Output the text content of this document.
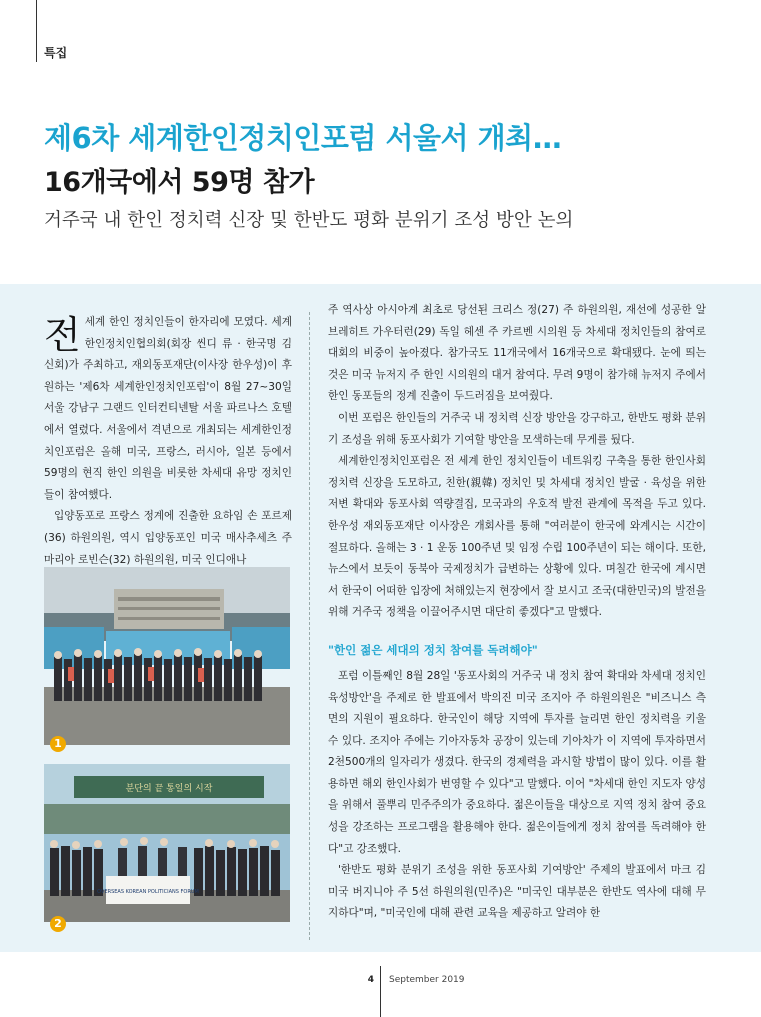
특집
제6차 세계한인정치인포럼 서울서 개최…
16개국에서 59명 참가
거주국 내 한인 정치력 신장 및 한반도 평화 분위기 조성 방안 논의

전세계 한인 정치인들이 한자리에 모였다. 세계한인정치인협의회(회장 씬디 류 · 한국명 김신회)가 주최하고, 재외동포재단(이사장 한우성)이 후원하는 '제6차 세계한인정치인포럼'이 8월 27~30일 서울 강남구 그랜드 인터컨티넨탈 서울 파르나스 호텔에서 열렸다. 서울에서 격년으로 개최되는 세계한인정치인포럼은 올해 미국, 프랑스, 러시아, 일본 등에서 59명의 현직 한인 의원을 비롯한 차세대 유망 정치인들이 참여했다.

입양동포로 프랑스 정계에 진출한 요하임 손 포르제(36) 하원의원, 역시 입양동포인 미국 매사추세츠 주 마리아 로빈슨(32) 하원의원, 미국 인디애나

1
분단의 끝 통일의 시작
OVERSEAS KOREAN POLITICIANS FORUM
2

주 역사상 아시아계 최초로 당선된 크리스 정(27) 주 하원의원, 재선에 성공한 알브레히트 가우터런(29) 독일 헤센 주 카르벤 시의원 등 차세대 정치인들의 참여로 대회의 비중이 높아졌다. 참가국도 11개국에서 16개국으로 확대됐다. 눈에 띄는 것은 미국 뉴저지 주 한인 시의원의 대거 참여다. 무려 9명이 참가해 뉴저지 주에서 한인 동포들의 정계 진출이 두드러짐을 보여줬다.

이번 포럼은 한인들의 거주국 내 정치력 신장 방안을 강구하고, 한반도 평화 분위기 조성을 위해 동포사회가 기여할 방안을 모색하는데 무게를 뒀다.

세계한인정치인포럼은 전 세계 한인 정치인들이 네트워킹 구축을 통한 한인사회 정치력 신장을 도모하고, 친한(親韓) 정치인 및 차세대 정치인 발굴 · 육성을 위한 저변 확대와 동포사회 역량결집, 모국과의 우호적 발전 관계에 목적을 두고 있다. 한우성 재외동포재단 이사장은 개회사를 통해 "여러분이 한국에 와계시는 시간이 절묘하다. 올해는 3 · 1 운동 100주년 및 임정 수립 100주년이 되는 해이다. 또한, 뉴스에서 보듯이 동북아 국제정치가 급변하는 상황에 있다. 며칠간 한국에 계시면서 한국이 어떠한 입장에 처해있는지 현장에서 잘 보시고 조국(대한민국)의 발전을 위해 거주국 정책을 이끌어주시면 대단히 좋겠다"고 말했다.

"한인 젊은 세대의 정치 참여를 독려해야"

포럼 이틀째인 8월 28일 '동포사회의 거주국 내 정치 참여 확대와 차세대 정치인 육성방안'을 주제로 한 발표에서 박의진 미국 조지아 주 하원의원은 "비즈니스 측면의 지원이 필요하다. 한국인이 해당 지역에 투자를 늘리면 한인 정치력을 키울 수 있다. 조지아 주에는 기아자동차 공장이 있는데 기아차가 이 지역에 투자하면서 2천500개의 일자리가 생겼다. 한국의 경제력을 과시할 방법이 많이 있다. 이를 활용하면 해외 한인사회가 번영할 수 있다"고 말했다. 이어 "차세대 한인 지도자 양성을 위해서 풀뿌리 민주주의가 중요하다. 젊은이들을 대상으로 지역 정치 참여 중요성을 강조하는 프로그램을 활용해야 한다. 젊은이들에게 정치 참여를 독려해야 한다"고 강조했다.

'한반도 평화 분위기 조성을 위한 동포사회 기여방안' 주제의 발표에서 마크 김 미국 버지니아 주 5선 하원의원(민주)은 "미국인 대부분은 한반도 역사에 대해 무지하다"며, "미국인에 대해 관련 교육을 제공하고 알려야 한

4 September 2019
